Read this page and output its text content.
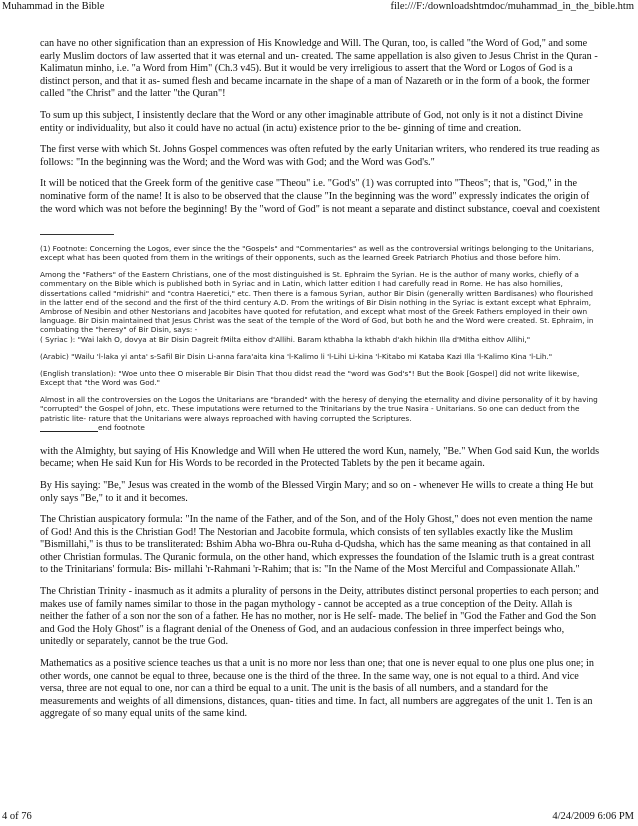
Muhammad in the Bible	file:///F:/downloadshtmdoc/muhammad_in_the_bible.htm

can have no other signification than an expression of His Knowledge and Will. The Quran, too, is called "the Word of God," and some early Muslim doctors of law asserted that it was eternal and un- created. The same appellation is also given to Jesus Christ in the Quran - Kalimatun minho, i.e. "a Word from Him" (Ch.3 v45). But it would be very irreligious to assert that the Word or Logos of God is a distinct person, and that it as- sumed flesh and became incarnate in the shape of a man of Nazareth or in the form of a book, the former called "the Christ" and the latter "the Quran"!

To sum up this subject, I insistently declare that the Word or any other imaginable attribute of God, not only is it not a distinct Divine entity or individuality, but also it could have no actual (in actu) existence prior to the be- ginning of time and creation.

The first verse with which St. Johns Gospel commences was often refuted by the early Unitarian writers, who rendered its true reading as follows: "In the beginning was the Word; and the Word was with God; and the Word was God's."

It will be noticed that the Greek form of the genitive case "Theou" i.e. "God's" (1) was corrupted into "Theos"; that is, "God," in the nominative form of the name! It is also to be observed that the clause "In the beginning was the word" expressly indicates the origin of the word which was not before the beginning! By the "word of God" is not meant a separate and distinct substance, coeval and coexistent

(1) Footnote: Concerning the Logos, ever since the the "Gospels" and "Commentaries" as well as the controversial writings belonging to the Unitarians, except what has been quoted from them in the writings of their opponents, such as the learned Greek Patriarch Photius and those before him.

Among the "Fathers" of the Eastern Christians, one of the most distinguished is St. Ephraim the Syrian. He is the author of many works, chiefly of a commentary on the Bible which is published both in Syriac and in Latin, which latter edition I had carefully read in Rome. He has also homilies, dissertations called "midrishi" and "contra Haeretici," etc. Then there is a famous Syrian, author Bir Disin (generally written Bardisanes) who flourished in the latter end of the second and the first of the third century A.D. From the writings of Bir Disin nothing in the Syriac is extant except what Ephraim, Ambrose of Nesibin and other Nestorians and Jacobites have quoted for refutation, and except what most of the Greek Fathers employed in their own language. Bir Disin maintained that Jesus Christ was the seat of the temple of the Word of God, but both he and the Word were created. St. Ephraim, in combating the "heresy" of Bir Disin, says: -

( Syriac ): "Wai lakh O, dovya at Bir Disin Dagreit fMilta eithov d'Allihi. Baram kthabha la kthabh d'akh hikhin Illa d'Mitha eithov Allihi,"

(Arabic) "Wailu 'l-laka yi anta' s-Safil Bir Disin Li-anna fara'aita kina 'l-Kalimo li 'l-Lihi Li-kina 'l-Kitabo mi Kataba Kazi Illa 'l-Kalimo Kina 'l-Lih."

(English translation): "Woe unto thee O miserable Bir Disin That thou didst read the "word was God's"! But the Book [Gospel] did not write likewise, Except that "the Word was God."

Almost in all the controversies on the Logos the Unitarians are "branded" with the heresy of denying the eternality and divine personality of it by having "corrupted" the Gospel of John, etc. These imputations were returned to the Trinitarians by the true Nasira - Unitarians. So one can deduct from the patristic lite- rature that the Unitarians were always reproached with having corrupted the Scriptures.
end footnote

with the Almighty, but saying of His Knowledge and Will when He uttered the word Kun, namely, "Be." When God said Kun, the worlds became; when He said Kun for His Words to be recorded in the Protected Tablets by the pen it became again.

By His saying: "Be," Jesus was created in the womb of the Blessed Virgin Mary; and so on - whenever He wills to create a thing He but only says "Be," to it and it becomes.

The Christian auspicatory formula: "In the name of the Father, and of the Son, and of the Holy Ghost," does not even mention the name of God! And this is the Christian God! The Nestorian and Jacobite formula, which consists of ten syllables exactly like the Muslim "Bismillahi," is thus to be transliterated: Bshim Abha wo-Bhra ou-Ruha d-Qudsha, which has the same meaning as that contained in all other Christian formulas. The Quranic formula, on the other hand, which expresses the foundation of the Islamic truth is a great contrast to the Trinitarians' formula: Bis- millahi 'r-Rahmani 'r-Rahim; that is: "In the Name of the Most Merciful and Compassionate Allah."

The Christian Trinity - inasmuch as it admits a plurality of persons in the Deity, attributes distinct personal properties to each person; and makes use of family names similar to those in the pagan mythology - cannot be accepted as a true conception of the Deity. Allah is neither the father of a son nor the son of a father. He has no mother, nor is He self- made. The belief in "God the Father and God the Son and God the Holy Ghost" is a flagrant denial of the Oneness of God, and an audacious confession in three imperfect beings who, unitedly or separately, cannot be the true God.

Mathematics as a positive science teaches us that a unit is no more nor less than one; that one is never equal to one plus one plus one; in other words, one cannot be equal to three, because one is the third of the three. In the same way, one is not equal to a third. And vice versa, three are not equal to one, nor can a third be equal to a unit. The unit is the basis of all numbers, and a standard for the measurements and weights of all dimensions, distances, quan- tities and time. In fact, all numbers are aggregates of the unit 1. Ten is an aggregate of so many equal units of the same kind.

4 of 76	4/24/2009 6:06 PM
